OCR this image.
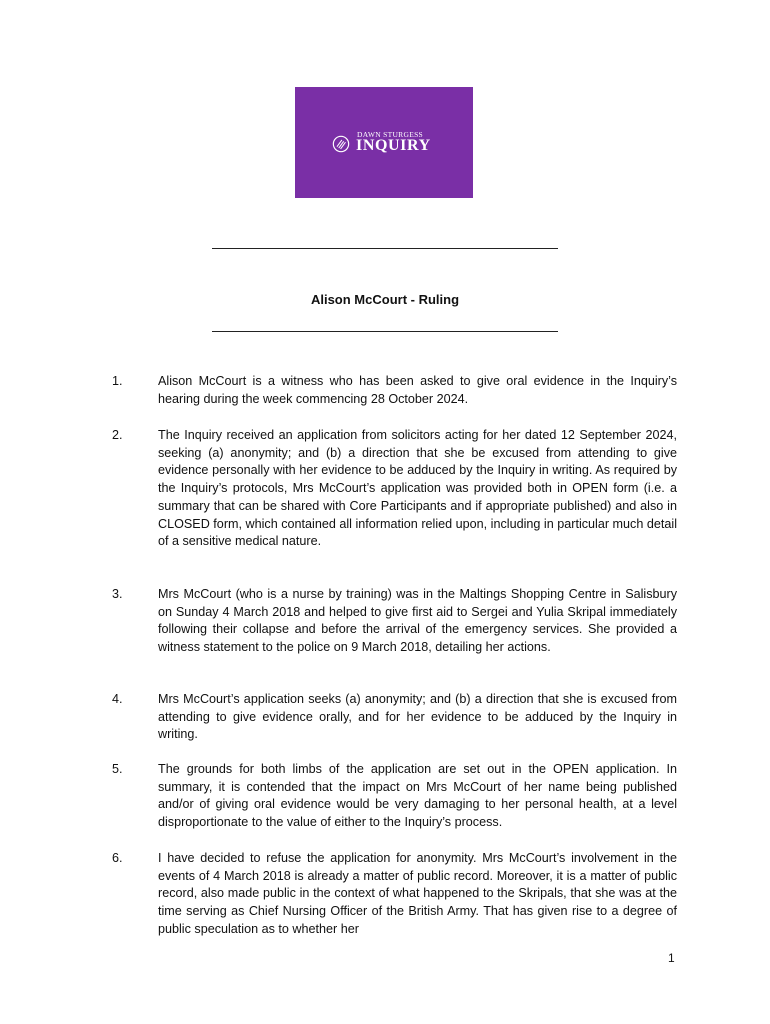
DAWN STURGESS
INQUIRY
Alison McCourt - Ruling
1.	Alison McCourt is a witness who has been asked to give oral evidence in the Inquiry’s hearing during the week commencing 28 October 2024.

2.	The Inquiry received an application from solicitors acting for her dated 12 September 2024, seeking (a) anonymity; and (b) a direction that she be excused from attending to give evidence personally with her evidence to be adduced by the Inquiry in writing. As required by the Inquiry’s protocols, Mrs McCourt’s application was provided both in OPEN form (i.e. a summary that can be shared with Core Participants and if appropriate published) and also in CLOSED form, which contained all information relied upon, including in particular much detail of a sensitive medical nature.

3.	Mrs McCourt (who is a nurse by training) was in the Maltings Shopping Centre in Salisbury on Sunday 4 March 2018 and helped to give first aid to Sergei and Yulia Skripal immediately following their collapse and before the arrival of the emergency services. She provided a witness statement to the police on 9 March 2018, detailing her actions.

4.	Mrs McCourt’s application seeks (a) anonymity; and (b) a direction that she is excused from attending to give evidence orally, and for her evidence to be adduced by the Inquiry in writing.

5.	The grounds for both limbs of the application are set out in the OPEN application. In summary, it is contended that the impact on Mrs McCourt of her name being published and/or of giving oral evidence would be very damaging to her personal health, at a level disproportionate to the value of either to the Inquiry’s process.

6.	I have decided to refuse the application for anonymity. Mrs McCourt’s involvement in the events of 4 March 2018 is already a matter of public record. Moreover, it is a matter of public record, also made public in the context of what happened to the Skripals, that she was at the time serving as Chief Nursing Officer of the British Army. That has given rise to a degree of public speculation as to whether her

1
